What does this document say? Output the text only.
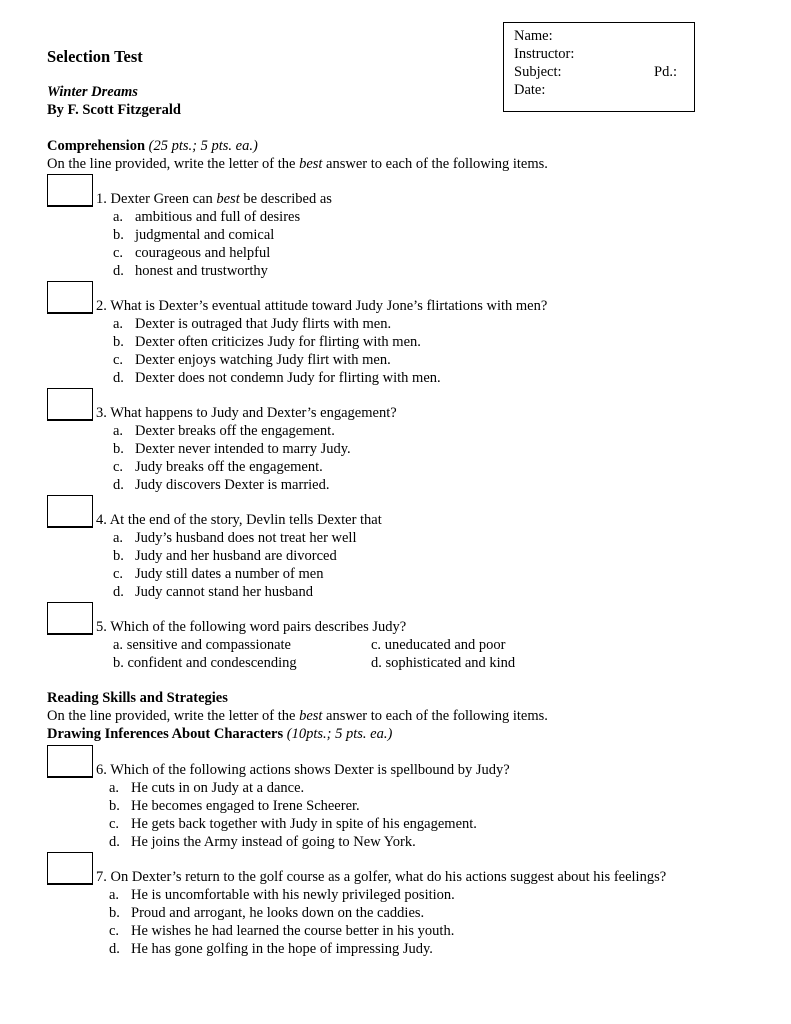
Name:
Instructor:
Subject:	Pd.:
Date:
Selection Test
Winter Dreams
By F. Scott Fitzgerald
Comprehension (25 pts.; 5 pts. ea.)
On the line provided, write the letter of the best answer to each of the following items.
1. Dexter Green can best be described as
a. ambitious and full of desires
b. judgmental and comical
c. courageous and helpful
d. honest and trustworthy
2. What is Dexter’s eventual attitude toward Judy Jone’s flirtations with men?
a. Dexter is outraged that Judy flirts with men.
b. Dexter often criticizes Judy for flirting with men.
c. Dexter enjoys watching Judy flirt with men.
d. Dexter does not condemn Judy for flirting with men.
3. What happens to Judy and Dexter’s engagement?
a. Dexter breaks off the engagement.
b. Dexter never intended to marry Judy.
c. Judy breaks off the engagement.
d. Judy discovers Dexter is married.
4. At the end of the story, Devlin tells Dexter that
a. Judy’s husband does not treat her well
b. Judy and her husband are divorced
c. Judy still dates a number of men
d. Judy cannot stand her husband
5. Which of the following word pairs describes Judy?
a. sensitive and compassionate
b. confident and condescending
c. uneducated and poor
d. sophisticated and kind
Reading Skills and Strategies
On the line provided, write the letter of the best answer to each of the following items.
Drawing Inferences About Characters (10pts.; 5 pts. ea.)
6. Which of the following actions shows Dexter is spellbound by Judy?
a. He cuts in on Judy at a dance.
b. He becomes engaged to Irene Scheerer.
c. He gets back together with Judy in spite of his engagement.
d. He joins the Army instead of going to New York.
7. On Dexter’s return to the golf course as a golfer, what do his actions suggest about his feelings?
a. He is uncomfortable with his newly privileged position.
b. Proud and arrogant, he looks down on the caddies.
c. He wishes he had learned the course better in his youth.
d. He has gone golfing in the hope of impressing Judy.
